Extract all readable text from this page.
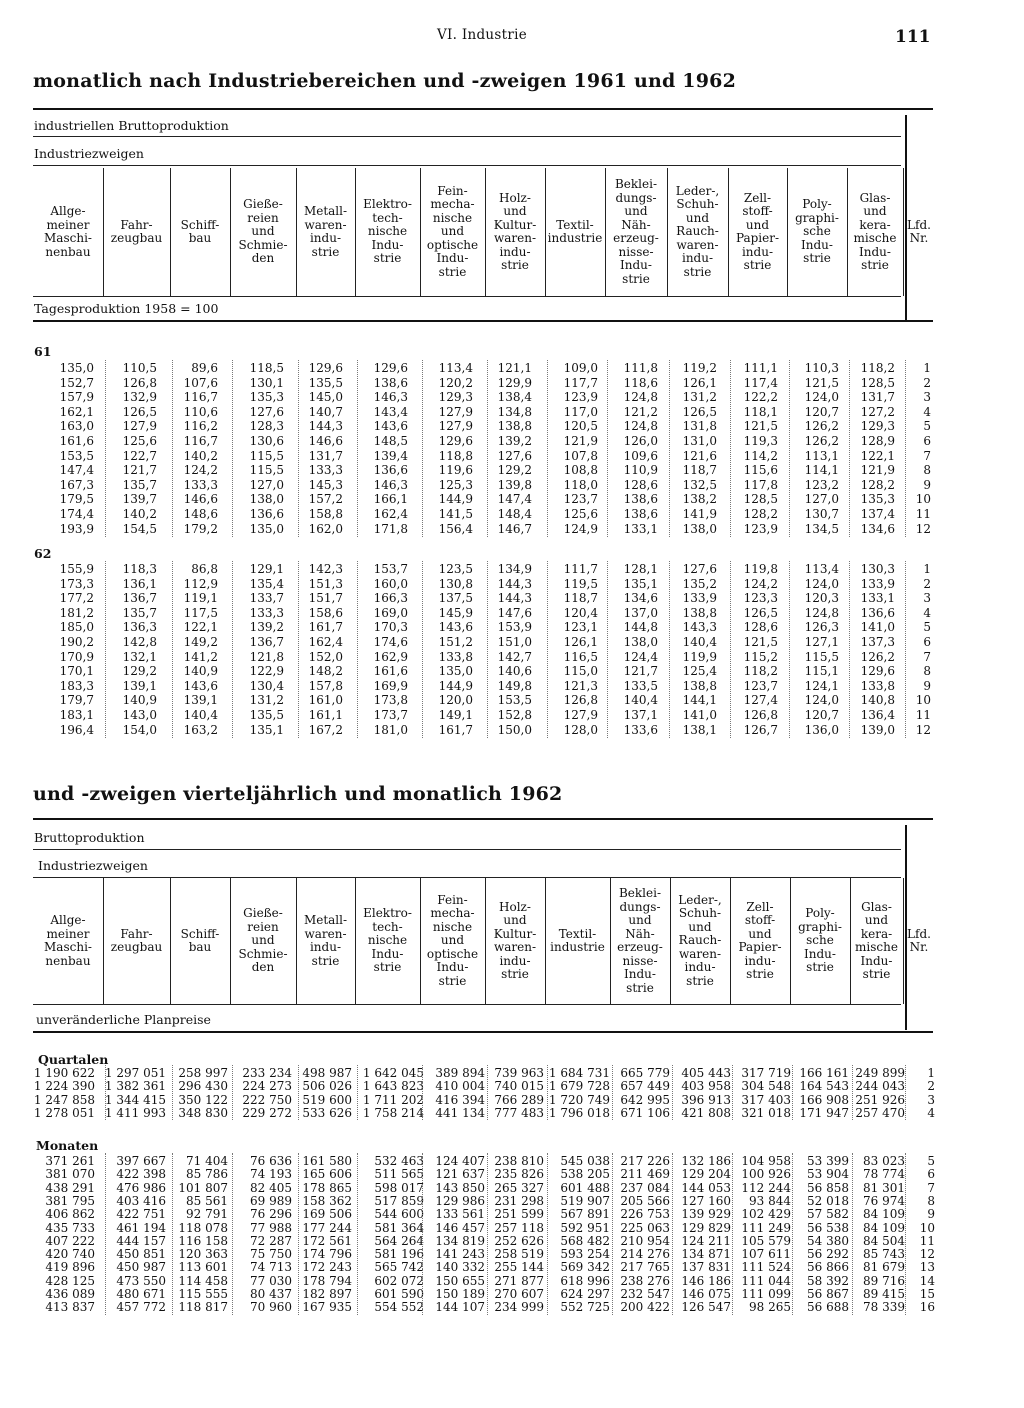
VI. Industrie	111
monatlich nach Industriebereichen und -zweigen 1961 und 1962
industriellen Bruttoproduktion
Industriezweigen
Allge-
meiner
Maschi-
nenbau
Fahr-
zeugbau
Schiff-
bau
Gieße-
reien
und
Schmie-
den
Metall-
waren-
indu-
strie
Elektro-
tech-
nische
Indu-
strie
Fein-
mecha-
nische
und
optische
Indu-
strie
Holz-
und
Kultur-
waren-
indu-
strie
Textil-
industrie
Beklei-
dungs-
und
Näh-
erzeug-
nisse-
Indu-
strie
Leder-,
Schuh-
und
Rauch-
waren-
indu-
strie
Zell-
stoff-
und
Papier-
indu-
strie
Poly-
graphi-
sche
Indu-
strie
Glas-
und
kera-
mische
Indu-
strie
Lfd.
Nr.
Tagesproduktion 1958 = 100
61
62
135,0
152,7
157,9
162,1
163,0
161,6
153,5
147,4
167,3
179,5
174,4
193,9
110,5
126,8
132,9
126,5
127,9
125,6
122,7
121,7
135,7
139,7
140,2
154,5
89,6
107,6
116,7
110,6
116,2
116,7
140,2
124,2
133,3
146,6
148,6
179,2
118,5
130,1
135,3
127,6
128,3
130,6
115,5
115,5
127,0
138,0
136,6
135,0
129,6
135,5
145,0
140,7
144,3
146,6
131,7
133,3
145,3
157,2
158,8
162,0
129,6
138,6
146,3
143,4
143,6
148,5
139,4
136,6
146,3
166,1
162,4
171,8
113,4
120,2
129,3
127,9
127,9
129,6
118,8
119,6
125,3
144,9
141,5
156,4
121,1
129,9
138,4
134,8
138,8
139,2
127,6
129,2
139,8
147,4
148,4
146,7
109,0
117,7
123,9
117,0
120,5
121,9
107,8
108,8
118,0
123,7
125,6
124,9
111,8
118,6
124,8
121,2
124,8
126,0
109,6
110,9
128,6
138,6
138,6
133,1
119,2
126,1
131,2
126,5
131,8
131,0
121,6
118,7
132,5
138,2
141,9
138,0
111,1
117,4
122,2
118,1
121,5
119,3
114,2
115,6
117,8
128,5
128,2
123,9
110,3
121,5
124,0
120,7
126,2
126,2
113,1
114,1
123,2
127,0
130,7
134,5
118,2
128,5
131,7
127,2
129,3
128,9
122,1
121,9
128,2
135,3
137,4
134,6
1
2
3
4
5
6
7
8
9
10
11
12
155,9
173,3
177,2
181,2
185,0
190,2
170,9
170,1
183,3
179,7
183,1
196,4
118,3
136,1
136,7
135,7
136,3
142,8
132,1
129,2
139,1
140,9
143,0
154,0
86,8
112,9
119,1
117,5
122,1
149,2
141,2
140,9
143,6
139,1
140,4
163,2
129,1
135,4
133,7
133,3
139,2
136,7
121,8
122,9
130,4
131,2
135,5
135,1
142,3
151,3
151,7
158,6
161,7
162,4
152,0
148,2
157,8
161,0
161,1
167,2
153,7
160,0
166,3
169,0
170,3
174,6
162,9
161,6
169,9
173,8
173,7
181,0
123,5
130,8
137,5
145,9
143,6
151,2
133,8
135,0
144,9
120,0
149,1
161,7
134,9
144,3
144,3
147,6
153,9
151,0
142,7
140,6
149,8
153,5
152,8
150,0
111,7
119,5
118,7
120,4
123,1
126,1
116,5
115,0
121,3
126,8
127,9
128,0
128,1
135,1
134,6
137,0
144,8
138,0
124,4
121,7
133,5
140,4
137,1
133,6
127,6
135,2
133,9
138,8
143,3
140,4
119,9
125,4
138,8
144,1
141,0
138,1
119,8
124,2
123,3
126,5
128,6
121,5
115,2
118,2
123,7
127,4
126,8
126,7
113,4
124,0
120,3
124,8
126,3
127,1
115,5
115,1
124,1
124,0
120,7
136,0
130,3
133,9
133,1
136,6
141,0
137,3
126,2
129,6
133,8
140,8
136,4
139,0
1
2
3
4
5
6
7
8
9
10
11
12
und -zweigen vierteljährlich und monatlich 1962
Bruttoproduktion
Industriezweigen
Allge-
meiner
Maschi-
nenbau
Fahr-
zeugbau
Schiff-
bau
Gieße-
reien
und
Schmie-
den
Metall-
waren-
indu-
strie
Elektro-
tech-
nische
Indu-
strie
Fein-
mecha-
nische
und
optische
Indu-
strie
Holz-
und
Kultur-
waren-
indu-
strie
Textil-
industrie
Beklei-
dungs-
und
Näh-
erzeug-
nisse-
Indu-
strie
Leder-,
Schuh-
und
Rauch-
waren-
indu-
strie
Zell-
stoff-
und
Papier-
indu-
strie
Poly-
graphi-
sche
Indu-
strie
Glas-
und
kera-
mische
Indu-
strie
Lfd.
Nr.
unveränderliche Planpreise
Quartalen
Monaten
1 190 622
1 224 390
1 247 858
1 278 051
1 297 051
1 382 361
1 344 415
1 411 993
258 997
296 430
350 122
348 830
233 234
224 273
222 750
229 272
498 987
506 026
519 600
533 626
1 642 045
1 643 823
1 711 202
1 758 214
389 894
410 004
416 394
441 134
739 963
740 015
766 289
777 483
1 684 731
1 679 728
1 720 749
1 796 018
665 779
657 449
642 995
671 106
405 443
403 958
396 913
421 808
317 719
304 548
317 403
321 018
166 161
164 543
166 908
171 947
249 899
244 043
251 926
257 470
1
2
3
4
371 261
381 070
438 291
381 795
406 862
435 733
407 222
420 740
419 896
428 125
436 089
413 837
397 667
422 398
476 986
403 416
422 751
461 194
444 157
450 851
450 987
473 550
480 671
457 772
71 404
85 786
101 807
85 561
92 791
118 078
116 158
120 363
113 601
114 458
115 555
118 817
76 636
74 193
82 405
69 989
76 296
77 988
72 287
75 750
74 713
77 030
80 437
70 960
161 580
165 606
178 865
158 362
169 506
177 244
172 561
174 796
172 243
178 794
182 897
167 935
532 463
511 565
598 017
517 859
544 600
581 364
564 264
581 196
565 742
602 072
601 590
554 552
124 407
121 637
143 850
129 986
133 561
146 457
134 819
141 243
140 332
150 655
150 189
144 107
238 810
235 826
265 327
231 298
251 599
257 118
252 626
258 519
255 144
271 877
270 607
234 999
545 038
538 205
601 488
519 907
567 891
592 951
568 482
593 254
569 342
618 996
624 297
552 725
217 226
211 469
237 084
205 566
226 753
225 063
210 954
214 276
217 765
238 276
232 547
200 422
132 186
129 204
144 053
127 160
139 929
129 829
124 211
134 871
137 831
146 186
146 075
126 547
104 958
100 926
112 244
93 844
102 429
111 249
105 579
107 611
111 524
111 044
111 099
98 265
53 399
53 904
56 858
52 018
57 582
56 538
54 380
56 292
56 866
58 392
56 867
56 688
83 023
78 774
81 301
76 974
84 109
84 109
84 504
85 743
81 679
89 716
89 415
78 339
5
6
7
8
9
10
11
12
13
14
15
16
